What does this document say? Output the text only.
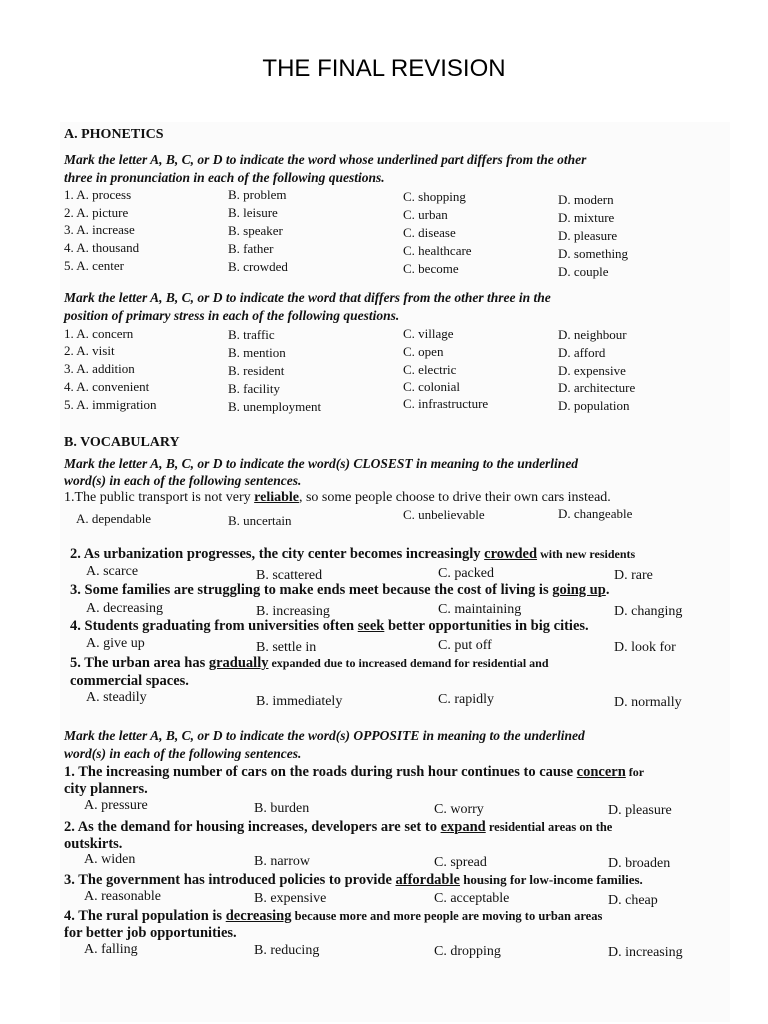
THE FINAL REVISION
A. PHONETICS
Mark the letter A, B, C, or D to indicate the word whose underlined part differs from the other
three in pronunciation in each of the following questions.
1. A. process	B. problem	C. shopping	D. modern
2. A. picture	B. leisure	C. urban	D. mixture
3. A. increase	B. speaker	C. disease	D. pleasure
4. A. thousand	B. father	C. healthcare	D. something
5. A. center	B. crowded	C. become	D. couple
Mark the letter A, B, C, or D to indicate the word that differs from the other three in the
position of primary stress in each of the following questions.
1. A. concern	B. traffic	C. village	D. neighbour
2. A. visit	B. mention	C. open	D. afford
3. A. addition	B. resident	C. electric	D. expensive
4. A. convenient	B. facility	C. colonial	D. architecture
5. A. immigration	B. unemployment	C. infrastructure	D. population
B. VOCABULARY
Mark the letter A, B, C, or D to indicate the word(s) CLOSEST in meaning to the underlined
word(s) in each of the following sentences.
1.The public transport is not very reliable, so some people choose to drive their own cars instead.
A. dependable	B. uncertain	C. unbelievable	D. changeable
2. As urbanization progresses, the city center becomes increasingly crowded with new residents
A. scarce	B. scattered	C. packed	D. rare
3. Some families are struggling to make ends meet because the cost of living is going up.
A. decreasing	B. increasing	C. maintaining	D. changing
4. Students graduating from universities often seek better opportunities in big cities.
A. give up	B. settle in	C. put off	D. look for
5. The urban area has gradually expanded due to increased demand for residential and
commercial spaces.
A. steadily	B. immediately	C. rapidly	D. normally
Mark the letter A, B, C, or D to indicate the word(s) OPPOSITE in meaning to the underlined
word(s) in each of the following sentences.
1. The increasing number of cars on the roads during rush hour continues to cause concern for
city planners.
A. pressure	B. burden	C. worry	D. pleasure
2. As the demand for housing increases, developers are set to expand residential areas on the
outskirts.
A. widen	B. narrow	C. spread	D. broaden
3. The government has introduced policies to provide affordable housing for low-income families.
A. reasonable	B. expensive	C. acceptable	D. cheap
4. The rural population is decreasing because more and more people are moving to urban areas
for better job opportunities.
A. falling	B. reducing	C. dropping	D. increasing
